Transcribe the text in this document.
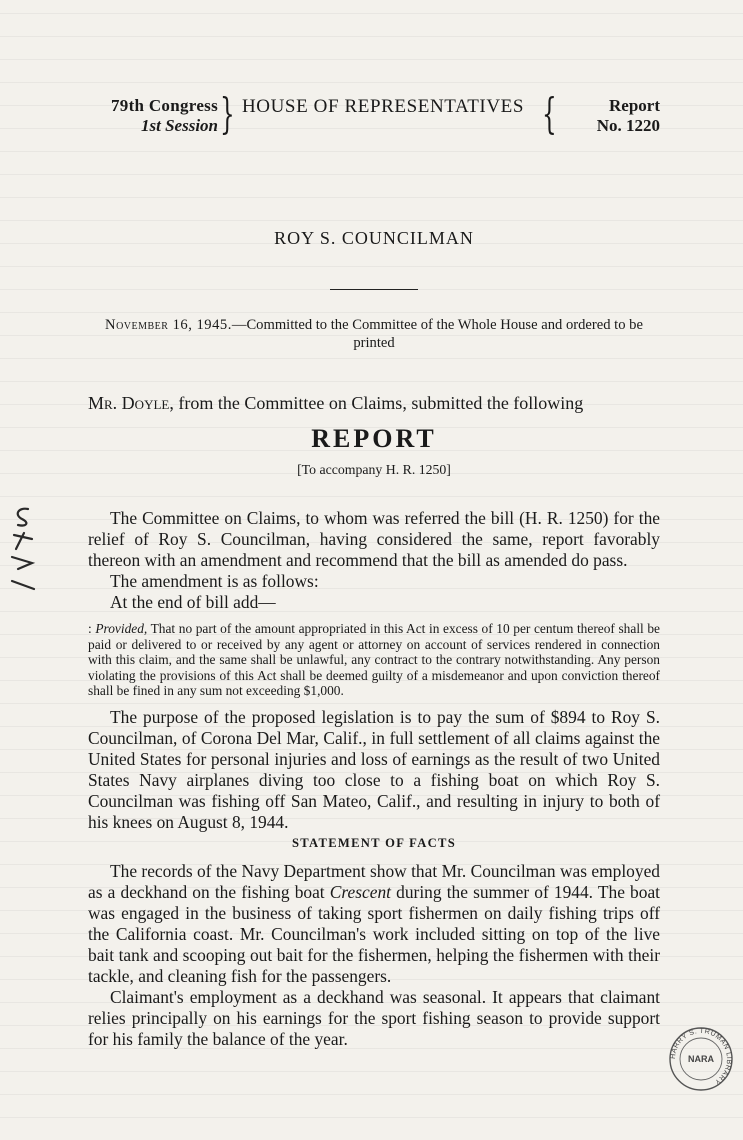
HARRY S. TRUMAN LIBRARY
NARA
79th Congress
1st Session } HOUSE OF REPRESENTATIVES {	Report
No. 1220
ROY S. COUNCILMAN
November 16, 1945.—Committed to the Committee of the Whole House and ordered to be printed
Mr. Doyle, from the Committee on Claims, submitted the following
REPORT
[To accompany H. R. 1250]

The Committee on Claims, to whom was referred the bill (H. R. 1250) for the relief of Roy S. Councilman, having considered the same, report favorably thereon with an amendment and recommend that the bill as amended do pass.

The amendment is as follows:

At the end of bill add—

: Provided, That no part of the amount appropriated in this Act in excess of 10 per centum thereof shall be paid or delivered to or received by any agent or attorney on account of services rendered in connection with this claim, and the same shall be unlawful, any contract to the contrary notwithstanding. Any person violating the provisions of this Act shall be deemed guilty of a misdemeanor and upon conviction thereof shall be fined in any sum not exceeding $1,000.

The purpose of the proposed legislation is to pay the sum of $894 to Roy S. Councilman, of Corona Del Mar, Calif., in full settlement of all claims against the United States for personal injuries and loss of earnings as the result of two United States Navy airplanes diving too close to a fishing boat on which Roy S. Councilman was fishing off San Mateo, Calif., and resulting in injury to both of his knees on August 8, 1944.

STATEMENT OF FACTS

The records of the Navy Department show that Mr. Councilman was employed as a deckhand on the fishing boat Crescent during the summer of 1944. The boat was engaged in the business of taking sport fishermen on daily fishing trips off the California coast. Mr. Councilman's work included sitting on top of the live bait tank and scooping out bait for the fishermen, helping the fishermen with their tackle, and cleaning fish for the passengers.

Claimant's employment as a deckhand was seasonal. It appears that claimant relies principally on his earnings for the sport fishing season to provide support for his family the balance of the year.
